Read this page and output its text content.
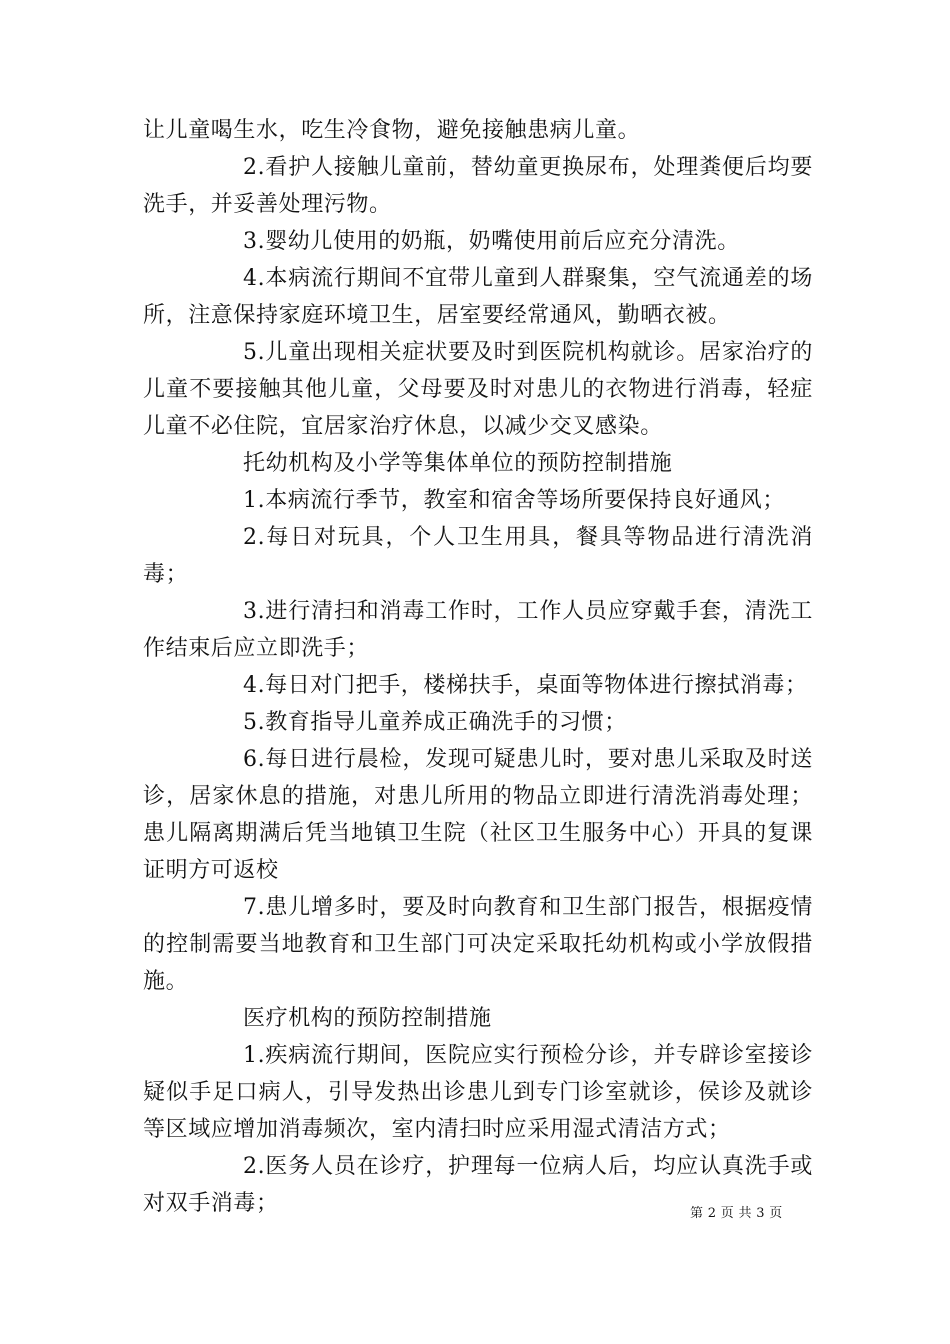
让儿童喝生水，吃生冷食物，避免接触患病儿童。

2.看护人接触儿童前，替幼童更换尿布，处理粪便后均要洗手，并妥善处理污物。

3.婴幼儿使用的奶瓶，奶嘴使用前后应充分清洗。

4.本病流行期间不宜带儿童到人群聚集，空气流通差的场所，注意保持家庭环境卫生，居室要经常通风，勤晒衣被。

5.儿童出现相关症状要及时到医院机构就诊。居家治疗的儿童不要接触其他儿童，父母要及时对患儿的衣物进行消毒，轻症儿童不必住院，宜居家治疗休息，以减少交叉感染。

托幼机构及小学等集体单位的预防控制措施

1.本病流行季节，教室和宿舍等场所要保持良好通风；

2.每日对玩具，个人卫生用具，餐具等物品进行清洗消毒；

3.进行清扫和消毒工作时，工作人员应穿戴手套，清洗工作结束后应立即洗手；

4.每日对门把手，楼梯扶手，桌面等物体进行擦拭消毒；

5.教育指导儿童养成正确洗手的习惯；

6.每日进行晨检，发现可疑患儿时，要对患儿采取及时送诊，居家休息的措施，对患儿所用的物品立即进行清洗消毒处理；患儿隔离期满后凭当地镇卫生院（社区卫生服务中心）开具的复课证明方可返校

7.患儿增多时，要及时向教育和卫生部门报告，根据疫情的控制需要当地教育和卫生部门可决定采取托幼机构或小学放假措施。

医疗机构的预防控制措施

1.疾病流行期间，医院应实行预检分诊，并专辟诊室接诊疑似手足口病人，引导发热出诊患儿到专门诊室就诊，侯诊及就诊等区域应增加消毒频次，室内清扫时应采用湿式清洁方式；

2.医务人员在诊疗，护理每一位病人后，均应认真洗手或对双手消毒；	第 2 页 共 3 页
